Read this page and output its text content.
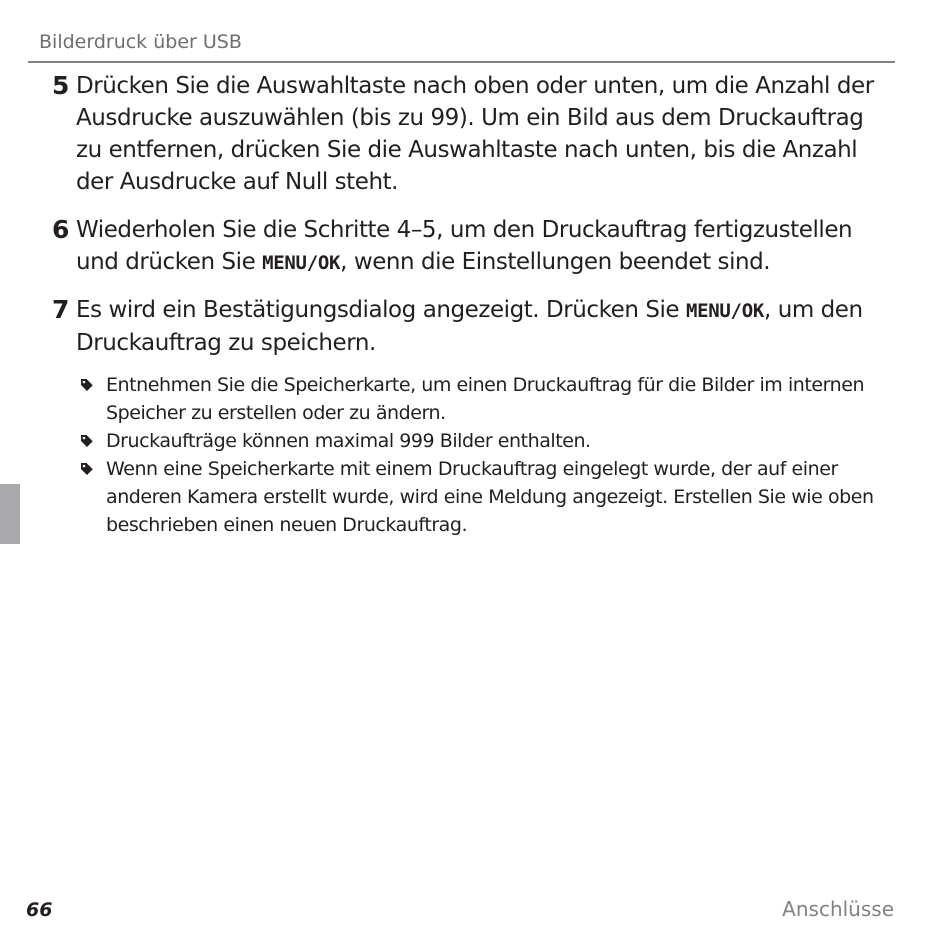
Bilderdruck über USB
5 Drücken Sie die Auswahltaste nach oben oder unten, um die Anzahl der Ausdrucke auszuwählen (bis zu 99). Um ein Bild aus dem Druckauftrag zu entfernen, drücken Sie die Auswahltaste nach unten, bis die Anzahl der Ausdrucke auf Null steht.
6 Wiederholen Sie die Schritte 4–5, um den Druckauftrag fertigzustellen und drücken Sie MENU/OK, wenn die Einstellungen beendet sind.
7 Es wird ein Bestätigungsdialog angezeigt. Drücken Sie MENU/OK, um den Druckauftrag zu speichern.
Entnehmen Sie die Speicherkarte, um einen Druckauftrag für die Bilder im internen Speicher zu erstellen oder zu ändern.
Druckaufträge können maximal 999 Bilder enthalten.
Wenn eine Speicherkarte mit einem Druckauftrag eingelegt wurde, der auf einer anderen Kamera erstellt wurde, wird eine Meldung angezeigt. Erstellen Sie wie oben beschrieben einen neuen Druckauftrag.
66	Anschlüsse
